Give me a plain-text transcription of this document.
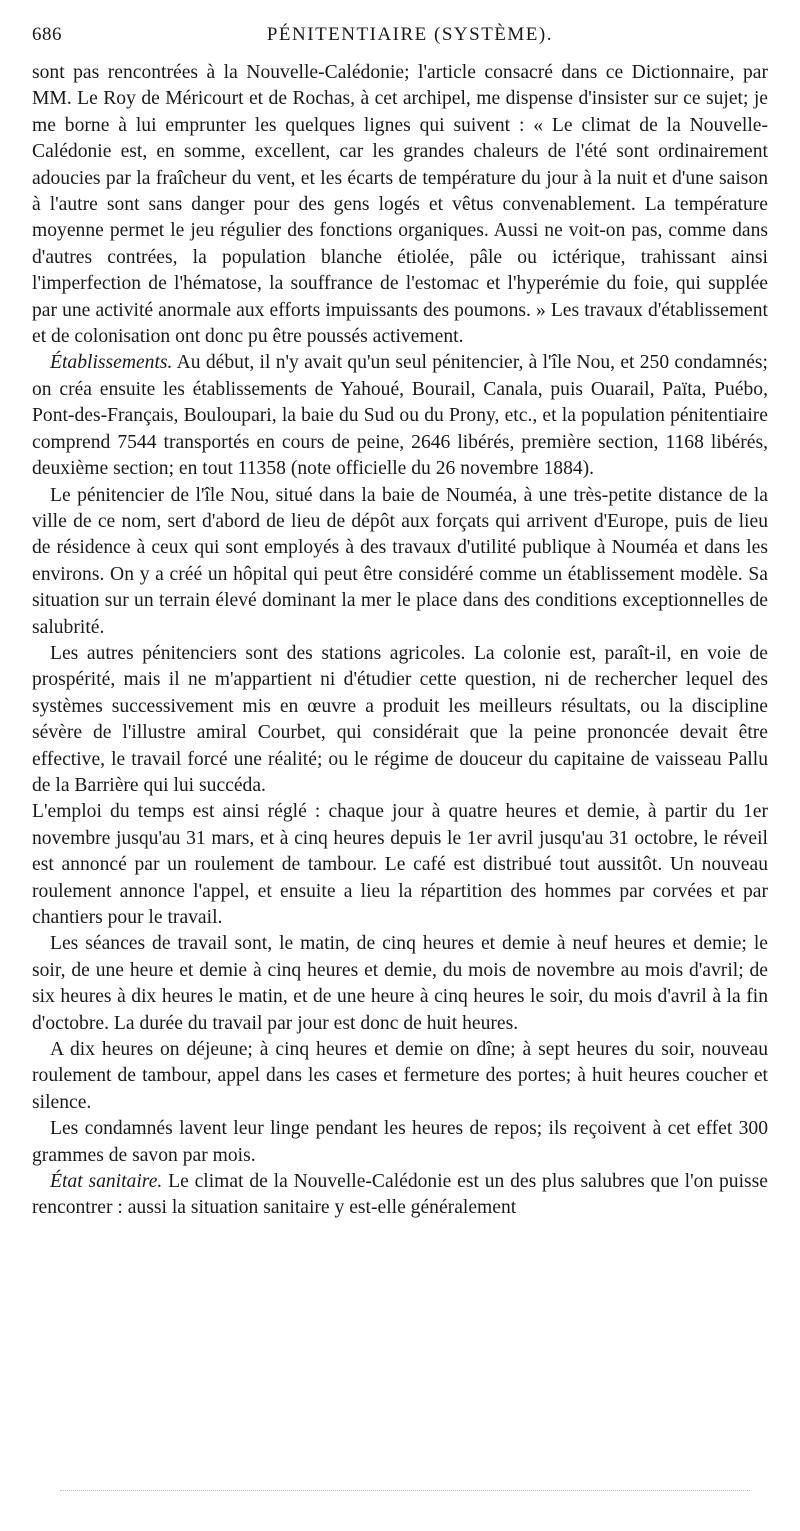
686	PÉNITENTIAIRE (SYSTÈME).

sont pas rencontrées à la Nouvelle-Calédonie; l'article consacré dans ce Dictionnaire, par MM. Le Roy de Méricourt et de Rochas, à cet archipel, me dispense d'insister sur ce sujet; je me borne à lui emprunter les quelques lignes qui suivent : « Le climat de la Nouvelle-Calédonie est, en somme, excellent, car les grandes chaleurs de l'été sont ordinairement adoucies par la fraîcheur du vent, et les écarts de température du jour à la nuit et d'une saison à l'autre sont sans danger pour des gens logés et vêtus convenablement. La température moyenne permet le jeu régulier des fonctions organiques. Aussi ne voit-on pas, comme dans d'autres contrées, la population blanche étiolée, pâle ou ictérique, trahissant ainsi l'imperfection de l'hématose, la souffrance de l'estomac et l'hyperémie du foie, qui supplée par une activité anormale aux efforts impuissants des poumons. » Les travaux d'établissement et de colonisation ont donc pu être poussés activement.

Établissements. Au début, il n'y avait qu'un seul pénitencier, à l'île Nou, et 250 condamnés; on créa ensuite les établissements de Yahoué, Bourail, Canala, puis Ouarail, Païta, Puébo, Pont-des-Français, Bouloupari, la baie du Sud ou du Prony, etc., et la population pénitentiaire comprend 7544 transportés en cours de peine, 2646 libérés, première section, 1168 libérés, deuxième section; en tout 11358 (note officielle du 26 novembre 1884).

Le pénitencier de l'île Nou, situé dans la baie de Nouméa, à une très-petite distance de la ville de ce nom, sert d'abord de lieu de dépôt aux forçats qui arrivent d'Europe, puis de lieu de résidence à ceux qui sont employés à des travaux d'utilité publique à Nouméa et dans les environs. On y a créé un hôpital qui peut être considéré comme un établissement modèle. Sa situation sur un terrain élevé dominant la mer le place dans des conditions exceptionnelles de salubrité.

Les autres pénitenciers sont des stations agricoles. La colonie est, paraît-il, en voie de prospérité, mais il ne m'appartient ni d'étudier cette question, ni de rechercher lequel des systèmes successivement mis en œuvre a produit les meilleurs résultats, ou la discipline sévère de l'illustre amiral Courbet, qui considérait que la peine prononcée devait être effective, le travail forcé une réalité; ou le régime de douceur du capitaine de vaisseau Pallu de la Barrière qui lui succéda.

L'emploi du temps est ainsi réglé : chaque jour à quatre heures et demie, à partir du 1er novembre jusqu'au 31 mars, et à cinq heures depuis le 1er avril jusqu'au 31 octobre, le réveil est annoncé par un roulement de tambour. Le café est distribué tout aussitôt. Un nouveau roulement annonce l'appel, et ensuite a lieu la répartition des hommes par corvées et par chantiers pour le travail.

Les séances de travail sont, le matin, de cinq heures et demie à neuf heures et demie; le soir, de une heure et demie à cinq heures et demie, du mois de novembre au mois d'avril; de six heures à dix heures le matin, et de une heure à cinq heures le soir, du mois d'avril à la fin d'octobre. La durée du travail par jour est donc de huit heures.

A dix heures on déjeune; à cinq heures et demie on dîne; à sept heures du soir, nouveau roulement de tambour, appel dans les cases et fermeture des portes; à huit heures coucher et silence.

Les condamnés lavent leur linge pendant les heures de repos; ils reçoivent à cet effet 300 grammes de savon par mois.

État sanitaire. Le climat de la Nouvelle-Calédonie est un des plus salubres que l'on puisse rencontrer : aussi la situation sanitaire y est-elle généralement
